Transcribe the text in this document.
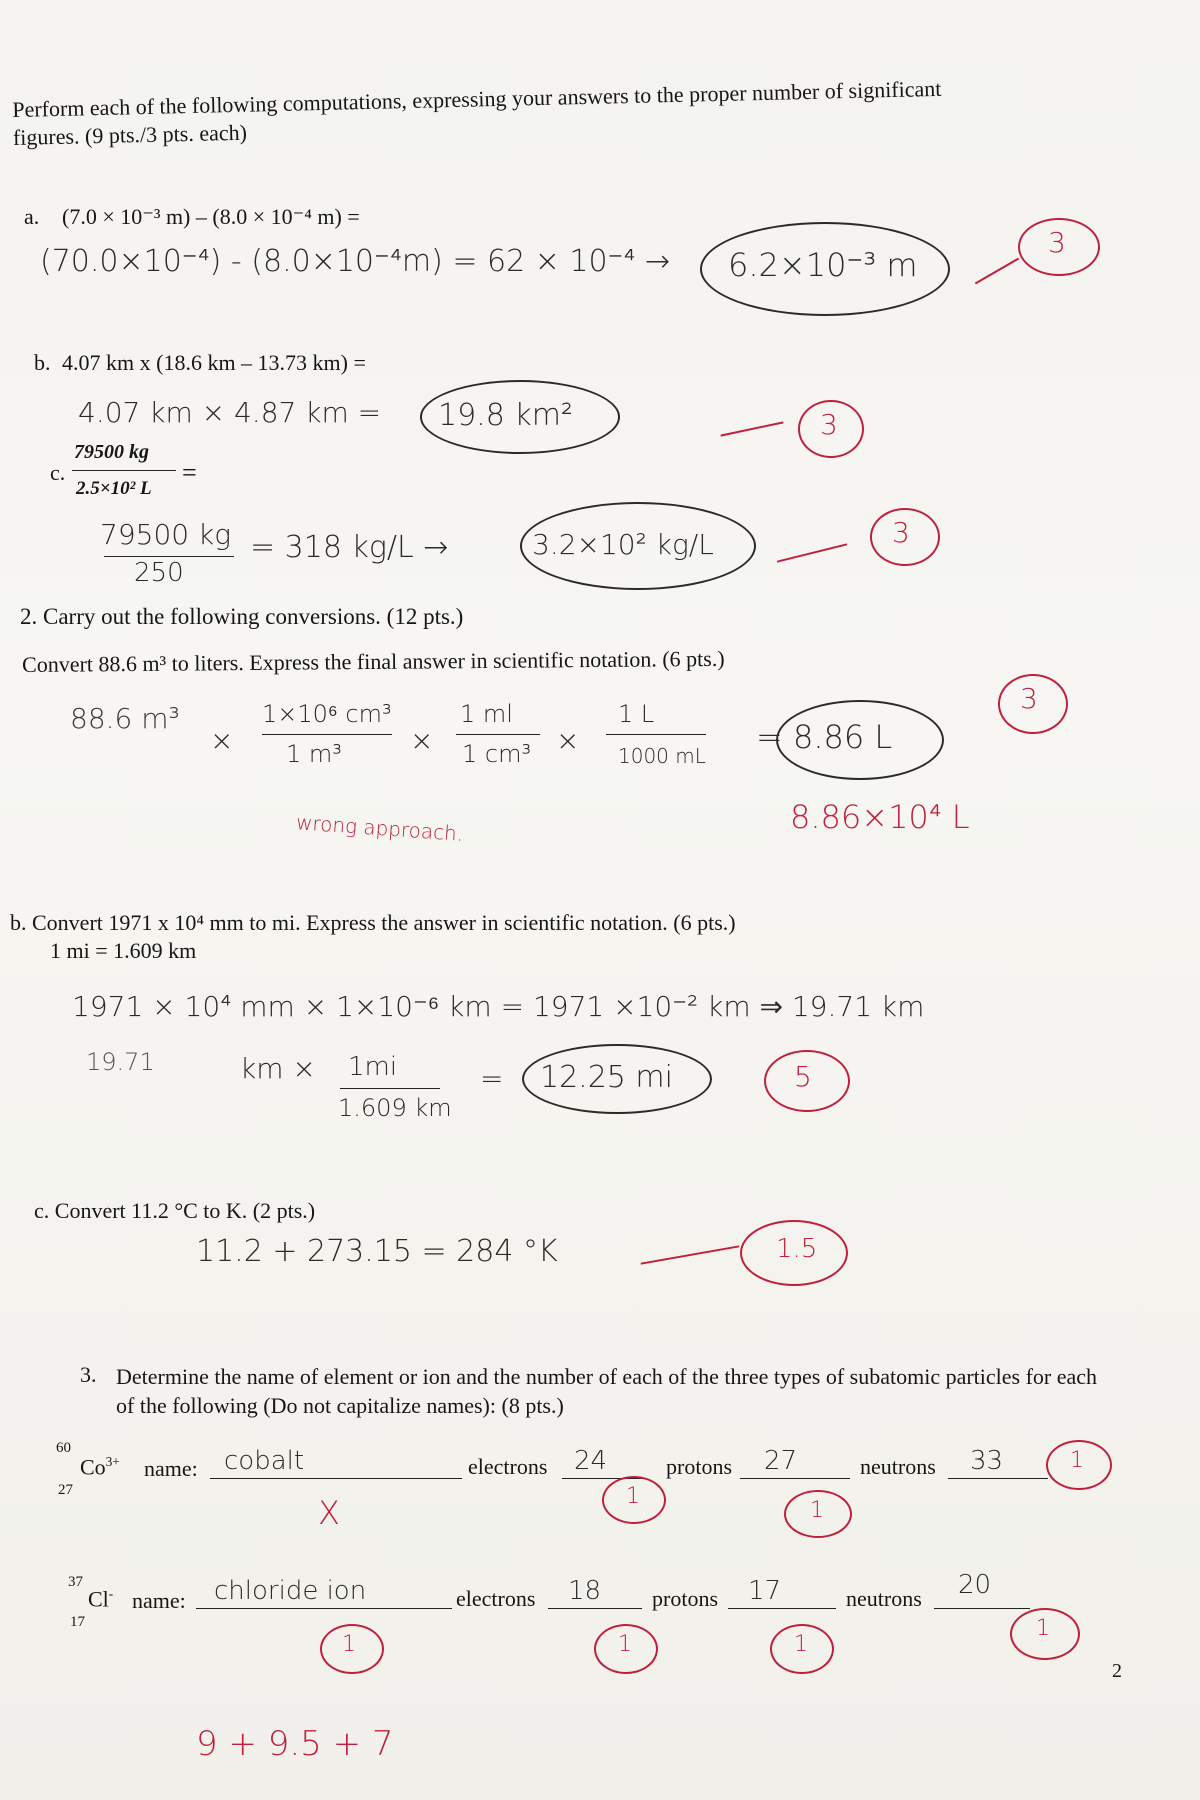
Perform each of the following computations, expressing your answers to the proper number of significant figures. (9 pts./3 pts. each)
a. (7.0 × 10⁻³ m) – (8.0 × 10⁻⁴ m) =
(70.0×10⁻⁴) - (8.0×10⁻⁴m) = 62 × 10⁻⁴ → 6.2×10⁻³ m
3
b. 4.07 km x (18.6 km – 13.73 km) =
4.07 km × 4.87 km = 19.8 km²	3
c.
79500 kg
2.5×10² L
=
79500 kg
250
= 318 kg/L →	3.2×10² kg/L	3
2. Carry out the following conversions. (12 pts.)
Convert 88.6 m³ to liters. Express the final answer in scientific notation. (6 pts.)
88.6 m³
×
1×10⁶ cm³
1 m³ ×
1 ml
1 cm³ ×
1 L
1000 mL = 8.86 L
3
wrong approach.	8.86×10⁴ L
b. Convert 1971 x 10⁴ mm to mi. Express the answer in scientific notation. (6 pts.)
1 mi = 1.609 km
1971 × 10⁴ mm × 1×10⁻⁶ km = 1971 ×10⁻² km ⇒ 19.71 km
19.71	km × 1mi
1.609 km
= 12.25 mi	5
c. Convert 11.2 °C to K. (2 pts.)
11.2 + 273.15 = 284 °K	1.5
3. Determine the name of element or ion and the number of each of the three types of subatomic particles for each of the following (Do not capitalize names): (8 pts.)
60
27
$Co^{3+}$ name: cobalt
X
electrons 24
1
protons 27
1
neutrons 33	1
37
17
Cl- name: chloride ion
1
electrons 18
1
protons 17
1
neutrons 20
1
9 + 9.5 + 7
2
